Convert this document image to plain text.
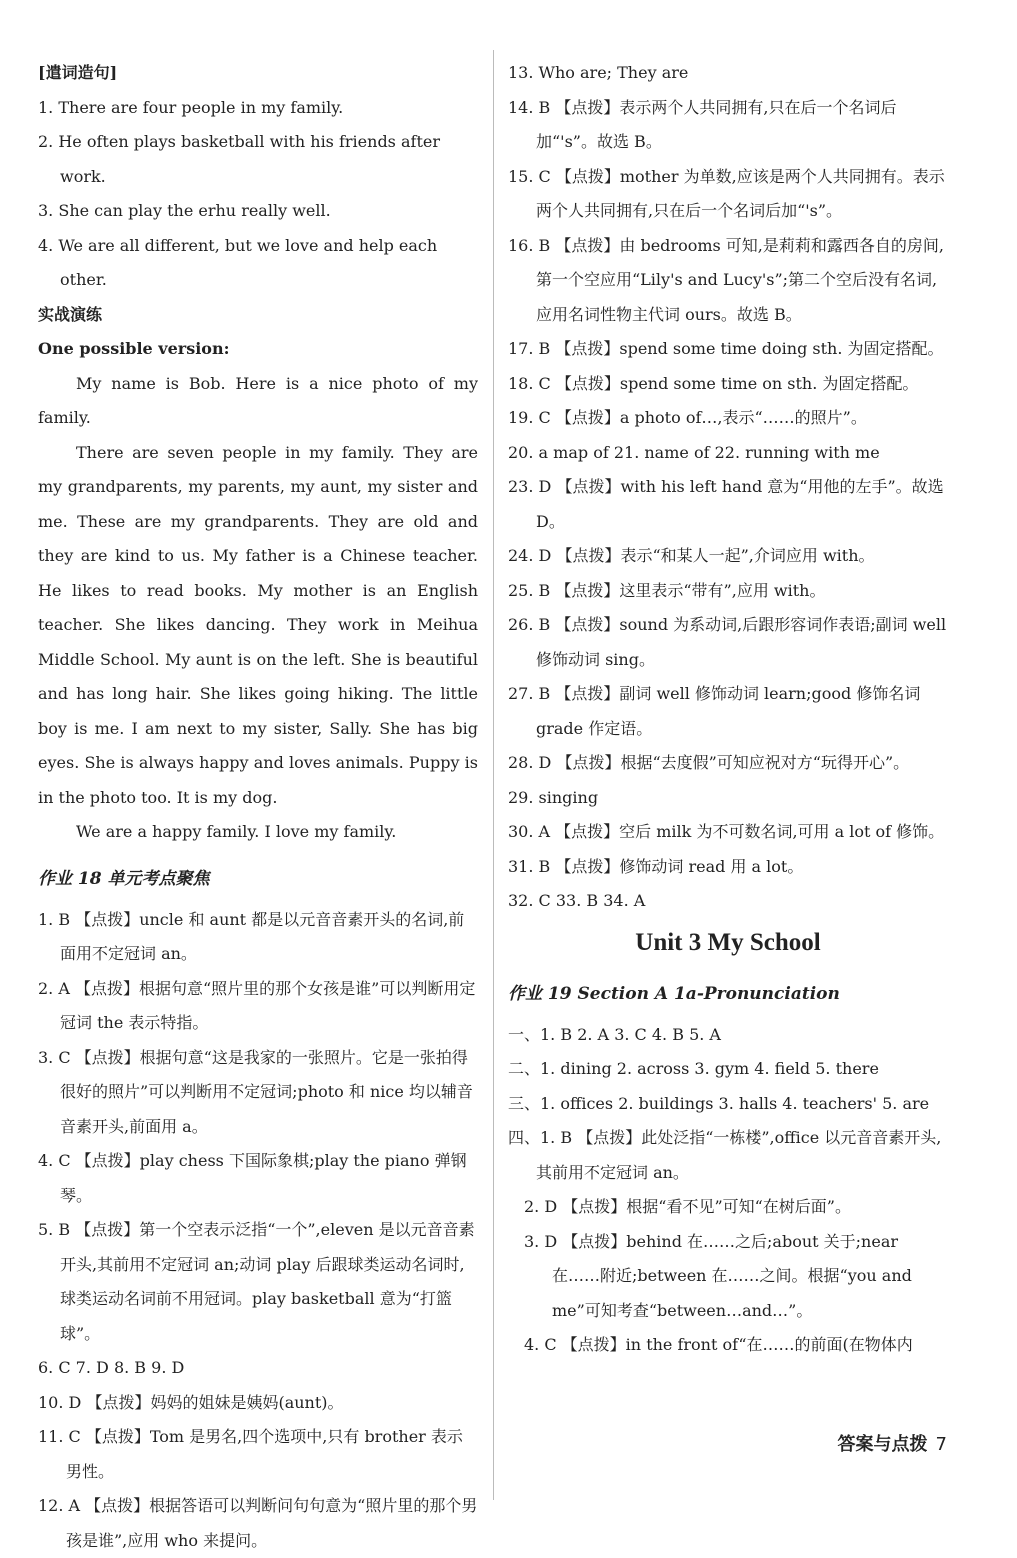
[遣词造句]
1. There are four people in my family.
2. He often plays basketball with his friends after work.
3. She can play the erhu really well.
4. We are all different, but we love and help each other.
实战演练
One possible version:
My name is Bob. Here is a nice photo of my family.
There are seven people in my family. They are my grandparents, my parents, my aunt, my sister and me. These are my grandparents. They are old and they are kind to us. My father is a Chinese teacher. He likes to read books. My mother is an English teacher. She likes dancing. They work in Meihua Middle School. My aunt is on the left. She is beautiful and has long hair. She likes going hiking. The little boy is me. I am next to my sister, Sally. She has big eyes. She is always happy and loves animals. Puppy is in the photo too. It is my dog.
We are a happy family. I love my family.
作业 18 单元考点聚焦
1. B 【点拨】uncle 和 aunt 都是以元音音素开头的名词,前面用不定冠词 an。
2. A 【点拨】根据句意“照片里的那个女孩是谁”可以判断用定冠词 the 表示特指。
3. C 【点拨】根据句意“这是我家的一张照片。它是一张拍得很好的照片”可以判断用不定冠词;photo 和 nice 均以辅音音素开头,前面用 a。
4. C 【点拨】play chess 下国际象棋;play the piano 弹钢琴。
5. B 【点拨】第一个空表示泛指“一个”,eleven 是以元音音素开头,其前用不定冠词 an;动词 play 后跟球类运动名词时,球类运动名词前不用冠词。play basketball 意为“打篮球”。
6. C 7. D 8. B 9. D
10. D 【点拨】妈妈的姐妹是姨妈(aunt)。
11. C 【点拨】Tom 是男名,四个选项中,只有 brother 表示男性。
12. A 【点拨】根据答语可以判断问句句意为“照片里的那个男孩是谁”,应用 who 来提问。
13. Who are; They are
14. B 【点拨】表示两个人共同拥有,只在后一个名词后加“'s”。故选 B。
15. C 【点拨】mother 为单数,应该是两个人共同拥有。表示两个人共同拥有,只在后一个名词后加“'s”。
16. B 【点拨】由 bedrooms 可知,是莉莉和露西各自的房间,第一个空应用“Lily's and Lucy's”;第二个空后没有名词,应用名词性物主代词 ours。故选 B。
17. B 【点拨】spend some time doing sth. 为固定搭配。
18. C 【点拨】spend some time on sth. 为固定搭配。
19. C 【点拨】a photo of…,表示“……的照片”。
20. a map of 21. name of 22. running with me
23. D 【点拨】with his left hand 意为“用他的左手”。故选 D。
24. D 【点拨】表示“和某人一起”,介词应用 with。
25. B 【点拨】这里表示“带有”,应用 with。
26. B 【点拨】sound 为系动词,后跟形容词作表语;副词 well 修饰动词 sing。
27. B 【点拨】副词 well 修饰动词 learn;good 修饰名词 grade 作定语。
28. D 【点拨】根据“去度假”可知应祝对方“玩得开心”。
29. singing
30. A 【点拨】空后 milk 为不可数名词,可用 a lot of 修饰。
31. B 【点拨】修饰动词 read 用 a lot。
32. C 33. B 34. A
Unit 3 My School
作业 19 Section A 1a-Pronunciation
一、1. B 2. A 3. C 4. B 5. A
二、1. dining 2. across 3. gym 4. field 5. there
三、1. offices 2. buildings 3. halls 4. teachers' 5. are
四、1. B 【点拨】此处泛指“一栋楼”,office 以元音音素开头,其前用不定冠词 an。
2. D 【点拨】根据“看不见”可知“在树后面”。
3. D 【点拨】behind 在……之后;about 关于;near 在……附近;between 在……之间。根据“you and me”可知考查“between…and…”。
4. C 【点拨】in the front of“在……的前面(在物体内
答案与点拨 7
